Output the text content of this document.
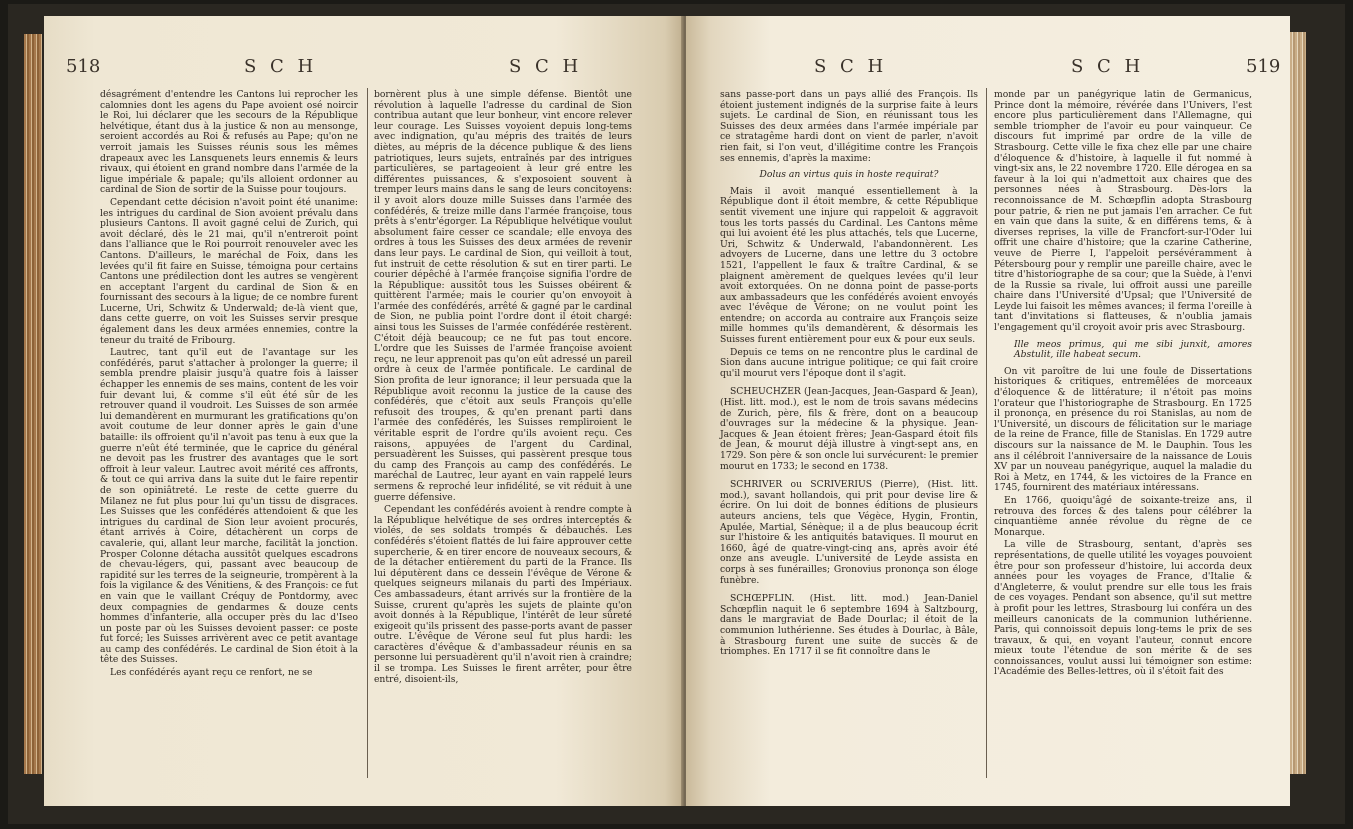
518	S C H	S C H

désagrément d'entendre les Cantons lui reprocher les calomnies dont les agens du Pape avoient osé noircir le Roi, lui déclarer que les secours de la République helvétique, étant dus à la justice & non au mensonge, seroient accordés au Roi & refusés au Pape; qu'on ne verroit jamais les Suisses réunis sous les mêmes drapeaux avec les Lansquenets leurs ennemis & leurs rivaux, qui étoient en grand nombre dans l'armée de la ligue impériale & papale; qu'ils alloient ordonner au cardinal de Sion de sortir de la Suisse pour toujours.

Cependant cette décision n'avoit point été unanime: les intrigues du cardinal de Sion avoient prévalu dans plusieurs Cantons. Il avoit gagné celui de Zurich, qui avoit déclaré, dès le 21 mai, qu'il n'entreroit point dans l'alliance que le Roi pourroit renouveler avec les Cantons. D'ailleurs, le maréchal de Foix, dans les levées qu'il fit faire en Suisse, témoigna pour certains Cantons une prédilection dont les autres se vengèrent en acceptant l'argent du cardinal de Sion & en fournissant des secours à la ligue; de ce nombre furent Lucerne, Uri, Schwitz & Underwald; de-là vient que, dans cette guerre, on voit les Suisses servir presque également dans les deux armées ennemies, contre la teneur du traité de Fribourg.

Lautrec, tant qu'il eut de l'avantage sur les confédérés, parut s'attacher à prolonger la guerre; il sembla prendre plaisir jusqu'à quatre fois à laisser échapper les ennemis de ses mains, content de les voir fuir devant lui, & comme s'il eût été sûr de les retrouver quand il voudroit. Les Suisses de son armée lui demandèrent en murmurant les gratifications qu'on avoit coutume de leur donner après le gain d'une bataille: ils offroient qu'il n'avoit pas tenu à eux que la guerre n'eût été terminée, que le caprice du général ne devoit pas les frustrer des avantages que le sort offroit à leur valeur. Lautrec avoit mérité ces affronts, & tout ce qui arriva dans la suite dut le faire repentir de son opiniâtreté. Le reste de cette guerre du Milanez ne fut plus pour lui qu'un tissu de disgraces. Les Suisses que les confédérés attendoient & que les intrigues du cardinal de Sion leur avoient procurés, étant arrivés à Coire, détachèrent un corps de cavalerie, qui, allant leur marche, facilitât la jonction. Prosper Colonne détacha aussitôt quelques escadrons de chevau-légers, qui, passant avec beaucoup de rapidité sur les terres de la seigneurie, trompèrent à la fois la vigilance & des Vénitiens, & des François: ce fut en vain que le vaillant Créquy de Pontdormy, avec deux compagnies de gendarmes & douze cents hommes d'infanterie, alla occuper près du lac d'Iseo un poste par où les Suisses devoient passer: ce poste fut forcé; les Suisses arrivèrent avec ce petit avantage au camp des confédérés. Le cardinal de Sion étoit à la tête des Suisses.

Les confédérés ayant reçu ce renfort, ne se

bornèrent plus à une simple défense. Bientôt une révolution à laquelle l'adresse du cardinal de Sion contribua autant que leur bonheur, vint encore relever leur courage. Les Suisses voyoient depuis long-tems avec indignation, qu'au mépris des traités de leurs diètes, au mépris de la décence publique & des liens patriotiques, leurs sujets, entraînés par des intrigues particulières, se partageoient à leur gré entre les différentes puissances, & s'exposoient souvent à tremper leurs mains dans le sang de leurs concitoyens: il y avoit alors douze mille Suisses dans l'armée des confédérés, & treize mille dans l'armée françoise, tous prêts à s'entr'égorger. La République helvétique voulut absolument faire cesser ce scandale; elle envoya des ordres à tous les Suisses des deux armées de revenir dans leur pays. Le cardinal de Sion, qui veilloit à tout, fut instruit de cette résolution & sut en tirer parti. Le courier dépêché à l'armée françoise signifia l'ordre de la République: aussitôt tous les Suisses obéirent & quittèrent l'armée; mais le courier qu'on envoyoit à l'armée des confédérés, arrêté & gagné par le cardinal de Sion, ne publia point l'ordre dont il étoit chargé: ainsi tous les Suisses de l'armée confédérée restèrent. C'étoit déjà beaucoup; ce ne fut pas tout encore. L'ordre que les Suisses de l'armée françoise avoient reçu, ne leur apprenoit pas qu'on eût adressé un pareil ordre à ceux de l'armée pontificale. Le cardinal de Sion profita de leur ignorance; il leur persuada que la République avoit reconnu la justice de la cause des confédérés, que c'étoit aux seuls François qu'elle refusoit des troupes, & qu'en prenant parti dans l'armée des confédérés, les Suisses rempliroient le véritable esprit de l'ordre qu'ils avoient reçu. Ces raisons, appuyées de l'argent du Cardinal, persuadèrent les Suisses, qui passèrent presque tous du camp des François au camp des confédérés. Le maréchal de Lautrec, leur ayant en vain rappelé leurs sermens & reproché leur infidélité, se vit réduit à une guerre défensive.

Cependant les confédérés avoient à rendre compte à la République helvétique de ses ordres interceptés & violés, de ses soldats trompés & débauchés. Les confédérés s'étoient flattés de lui faire approuver cette supercherie, & en tirer encore de nouveaux secours, & de la détacher entièrement du parti de la France. Ils lui députèrent dans ce dessein l'évêque de Vérone & quelques seigneurs milanais du parti des Impériaux. Ces ambassadeurs, étant arrivés sur la frontière de la Suisse, crurent qu'après les sujets de plainte qu'on avoit donnés à la République, l'intérêt de leur sûreté exigeoit qu'ils prissent des passe-ports avant de passer outre. L'évêque de Vérone seul fut plus hardi: les caractères d'évêque & d'ambassadeur réunis en sa personne lui persuadèrent qu'il n'avoit rien à craindre; il se trompa. Les Suisses le firent arrêter, pour être entré, disoient-ils,

S C H	S C H	519

sans passe-port dans un pays allié des François. Ils étoient justement indignés de la surprise faite à leurs sujets. Le cardinal de Sion, en réunissant tous les Suisses des deux armées dans l'armée impériale par ce stratagême hardi dont on vient de parler, n'avoit rien fait, si l'on veut, d'illégitime contre les François ses ennemis, d'après la maxime:

Dolus an virtus quis in hoste requirat?

Mais il avoit manqué essentiellement à la République dont il étoit membre, & cette République sentit vivement une injure qui rappeloit & aggravoit tous les torts passés du Cardinal. Les Cantons même qui lui avoient été les plus attachés, tels que Lucerne, Uri, Schwitz & Underwald, l'abandonnèrent. Les advoyers de Lucerne, dans une lettre du 3 octobre 1521, l'appellent le faux & traître Cardinal, & se plaignent amèrement de quelques levées qu'il leur avoit extorquées. On ne donna point de passe-ports aux ambassadeurs que les confédérés avoient envoyés avec l'évêque de Vérone; on ne voulut point les entendre; on accorda au contraire aux François seize mille hommes qu'ils demandèrent, & désormais les Suisses furent entièrement pour eux & pour eux seuls.

Depuis ce tems on ne rencontre plus le cardinal de Sion dans aucune intrigue politique; ce qui fait croire qu'il mourut vers l'époque dont il s'agit.

SCHEUCHZER (Jean-Jacques, Jean-Gaspard & Jean), (Hist. litt. mod.), est le nom de trois savans médecins de Zurich, père, fils & frère, dont on a beaucoup d'ouvrages sur la médecine & la physique. Jean-Jacques & Jean étoient frères; Jean-Gaspard étoit fils de Jean, & mourut déjà illustre à vingt-sept ans, en 1729. Son père & son oncle lui survécurent: le premier mourut en 1733; le second en 1738.

SCHRIVER ou SCRIVERIUS (Pierre), (Hist. litt. mod.), savant hollandois, qui prit pour devise lire & écrire. On lui doit de bonnes éditions de plusieurs auteurs anciens, tels que Végèce, Hygin, Frontin, Apulée, Martial, Sénèque; il a de plus beaucoup écrit sur l'histoire & les antiquités bataviques. Il mourut en 1660, âgé de quatre-vingt-cinq ans, après avoir été onze ans aveugle. L'université de Leyde assista en corps à ses funérailles; Gronovius prononça son éloge funèbre.

SCHŒPFLIN. (Hist. litt. mod.) Jean-Daniel Schœpflin naquit le 6 septembre 1694 à Saltzbourg, dans le margraviat de Bade Dourlac; il étoit de la communion luthérienne. Ses études à Dourlac, à Bâle, à Strasbourg furent une suite de succès & de triomphes. En 1717 il se fit connoître dans le

monde par un panégyrique latin de Germanicus, Prince dont la mémoire, révérée dans l'Univers, l'est encore plus particulièrement dans l'Allemagne, qui semble triompher de l'avoir eu pour vainqueur. Ce discours fut imprimé par ordre de la ville de Strasbourg. Cette ville le fixa chez elle par une chaire d'éloquence & d'histoire, à laquelle il fut nommé à vingt-six ans, le 22 novembre 1720. Elle dérogea en sa faveur à la loi qui n'admettoit aux chaires que des personnes nées à Strasbourg. Dès-lors la reconnoissance de M. Schœpflin adopta Strasbourg pour patrie, & rien ne put jamais l'en arracher. Ce fut en vain que dans la suite, & en différens tems, & à diverses reprises, la ville de Francfort-sur-l'Oder lui offrit une chaire d'histoire; que la czarine Catherine, veuve de Pierre I, l'appeloit persévéramment à Pétersbourg pour y remplir une pareille chaire, avec le titre d'historiographe de sa cour; que la Suède, à l'envi de la Russie sa rivale, lui offroit aussi une pareille chaire dans l'Université d'Upsal; que l'Université de Leyde lui faisoit les mêmes avances; il ferma l'oreille à tant d'invitations si flatteuses, & n'oublia jamais l'engagement qu'il croyoit avoir pris avec Strasbourg.

Ille meos primus, qui me sibi junxit, amores Abstulit, ille habeat secum.

On vit paroître de lui une foule de Dissertations historiques & critiques, entremêlées de morceaux d'éloquence & de littérature; il n'étoit pas moins l'orateur que l'historiographe de Strasbourg. En 1725 il prononça, en présence du roi Stanislas, au nom de l'Université, un discours de félicitation sur le mariage de la reine de France, fille de Stanislas. En 1729 autre discours sur la naissance de M. le Dauphin. Tous les ans il célébroit l'anniversaire de la naissance de Louis XV par un nouveau panégyrique, auquel la maladie du Roi à Metz, en 1744, & les victoires de la France en 1745, fournirent des matériaux intéressans.

En 1766, quoiqu'âgé de soixante-treize ans, il retrouva des forces & des talens pour célébrer la cinquantième année révolue du règne de ce Monarque.

La ville de Strasbourg, sentant, d'après ses représentations, de quelle utilité les voyages pouvoient être pour son professeur d'histoire, lui accorda deux années pour les voyages de France, d'Italie & d'Angleterre, & voulut prendre sur elle tous les frais de ces voyages. Pendant son absence, qu'il sut mettre à profit pour les lettres, Strasbourg lui conféra un des meilleurs canonicats de la communion luthérienne. Paris, qui connoissoit depuis long-tems le prix de ses travaux, & qui, en voyant l'auteur, connut encore mieux toute l'étendue de son mérite & de ses connoissances, voulut aussi lui témoigner son estime: l'Académie des Belles-lettres, où il s'étoit fait des
